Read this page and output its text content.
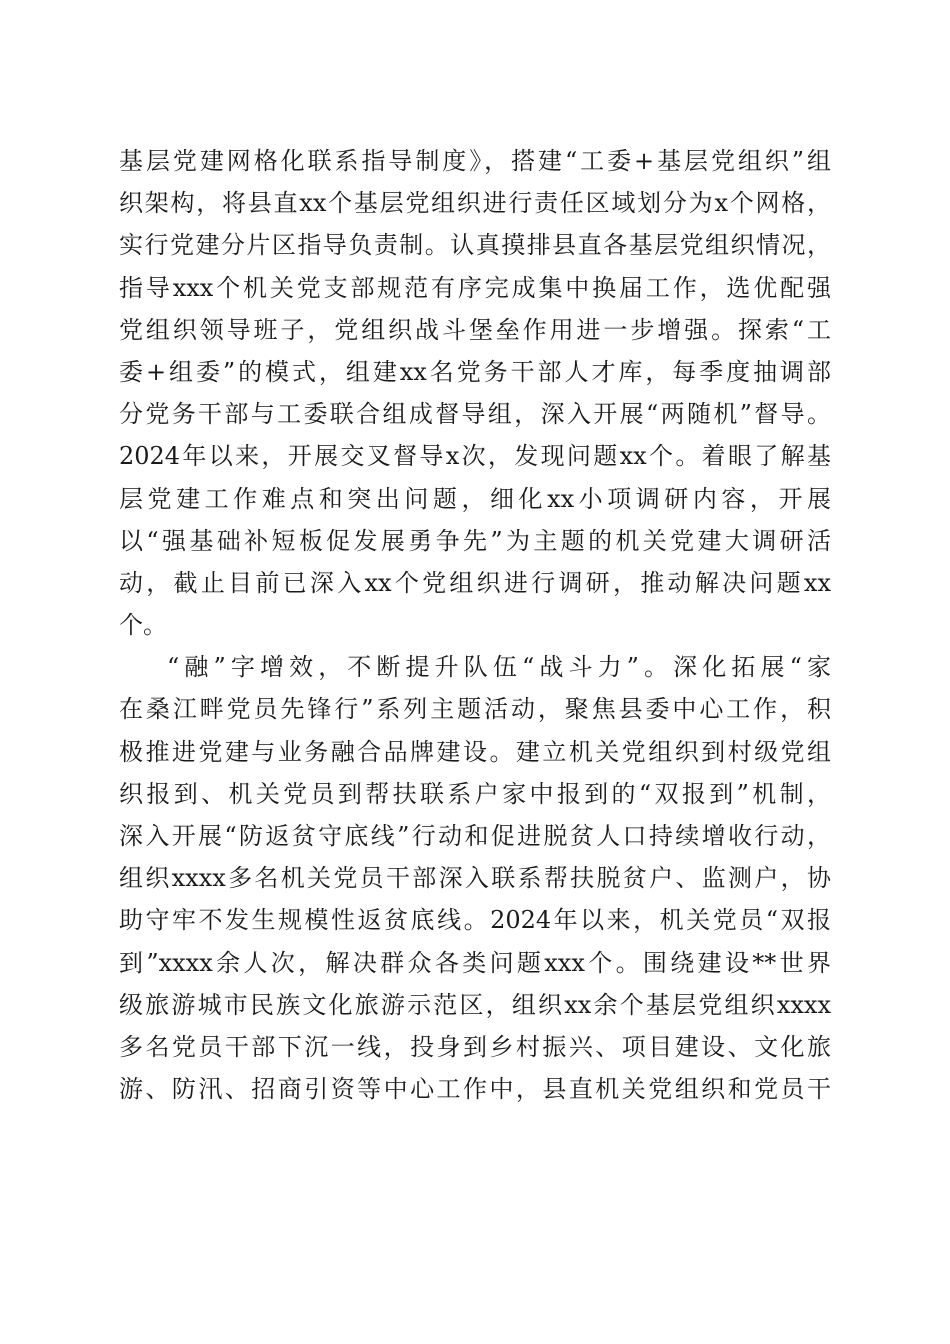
基层党建网格化联系指导制度》，搭建“工委+基层党组织”组
织架构，将县直xx个基层党组织进行责任区域划分为x个网格，
实行党建分片区指导负责制。认真摸排县直各基层党组织情况，
指导xxx个机关党支部规范有序完成集中换届工作，选优配强
党组织领导班子，党组织战斗堡垒作用进一步增强。探索“工
委+组委”的模式，组建xx名党务干部人才库，每季度抽调部
分党务干部与工委联合组成督导组，深入开展“两随机”督导。
2024年以来，开展交叉督导x次，发现问题xx个。着眼了解基
层党建工作难点和突出问题，细化xx小项调研内容，开展
以“强基础补短板促发展勇争先”为主题的机关党建大调研活
动，截止目前已深入xx个党组织进行调研，推动解决问题xx
个。
“融”字增效，不断提升队伍“战斗力”。深化拓展“家
在桑江畔党员先锋行”系列主题活动，聚焦县委中心工作，积
极推进党建与业务融合品牌建设。建立机关党组织到村级党组
织报到、机关党员到帮扶联系户家中报到的“双报到”机制，
深入开展“防返贫守底线”行动和促进脱贫人口持续增收行动，
组织xxxx多名机关党员干部深入联系帮扶脱贫户、监测户，协
助守牢不发生规模性返贫底线。2024年以来，机关党员“双报
到”xxxx余人次，解决群众各类问题xxx个。围绕建设**世界
级旅游城市民族文化旅游示范区，组织xx余个基层党组织xxxx
多名党员干部下沉一线，投身到乡村振兴、项目建设、文化旅
游、防汛、招商引资等中心工作中，县直机关党组织和党员干
